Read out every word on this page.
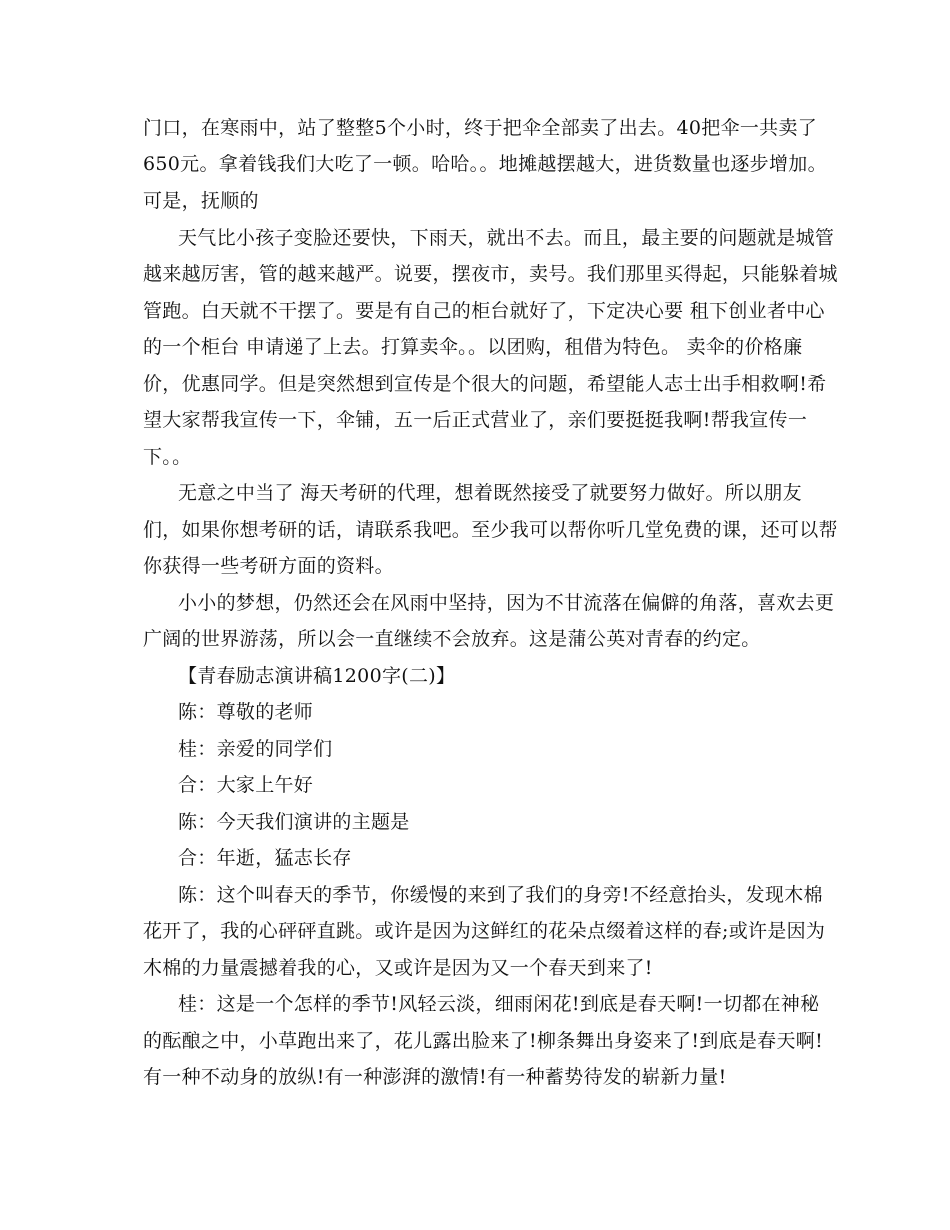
门口，在寒雨中，站了整整5个小时，终于把伞全部卖了出去。40把伞一共卖了
650元。拿着钱我们大吃了一顿。哈哈。。地摊越摆越大，进货数量也逐步增加。
可是，抚顺的
天气比小孩子变脸还要快，下雨天，就出不去。而且，最主要的问题就是城管
越来越厉害，管的越来越严。说要，摆夜市，卖号。我们那里买得起，只能躲着城
管跑。白天就不干摆了。要是有自己的柜台就好了，下定决心要 租下创业者中心
的一个柜台 申请递了上去。打算卖伞。。以团购，租借为特色。 卖伞的价格廉
价，优惠同学。但是突然想到宣传是个很大的问题，希望能人志士出手相救啊!希
望大家帮我宣传一下，伞铺，五一后正式营业了，亲们要挺挺我啊!帮我宣传一
下。。
无意之中当了 海天考研的代理，想着既然接受了就要努力做好。所以朋友
们，如果你想考研的话，请联系我吧。至少我可以帮你听几堂免费的课，还可以帮
你获得一些考研方面的资料。
小小的梦想，仍然还会在风雨中坚持，因为不甘流落在偏僻的角落，喜欢去更
广阔的世界游荡，所以会一直继续不会放弃。这是蒲公英对青春的约定。
【青春励志演讲稿1200字(二)】
陈：尊敬的老师
桂：亲爱的同学们
合：大家上午好
陈：今天我们演讲的主题是
合：年逝，猛志长存
陈：这个叫春天的季节，你缓慢的来到了我们的身旁!不经意抬头，发现木棉
花开了，我的心砰砰直跳。或许是因为这鲜红的花朵点缀着这样的春;或许是因为
木棉的力量震撼着我的心，又或许是因为又一个春天到来了!
桂：这是一个怎样的季节!风轻云淡，细雨闲花!到底是春天啊!一切都在神秘
的酝酿之中，小草跑出来了，花儿露出脸来了!柳条舞出身姿来了!到底是春天啊!
有一种不动身的放纵!有一种澎湃的激情!有一种蓄势待发的崭新力量!
